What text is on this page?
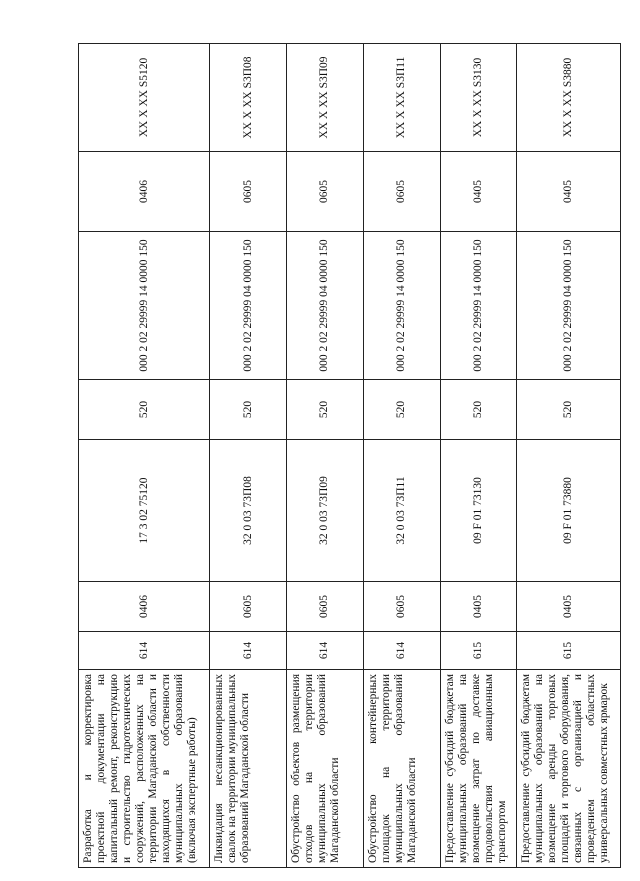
Разработка и корректировка проектной документации на капитальный ремонт, реконструкцию и строительство гидротехнических сооружений, расположенных на территории Магаданской области и находящихся в собственности муниципальных образований (включая экспертные работы)	614	0406	17 3 02 75120	520	000 2 02 29999 14 0000 150	0406	XX X XX S5120
Ликвидация несанкционированных свалок на территории муниципальных образований Магаданской области	614	0605	32 0 03 73П08	520	000 2 02 29999 04 0000 150	0605	XX X XX S3П08
Обустройство объектов размещения отходов на территории муниципальных образований Магаданской области	614	0605	32 0 03 73П09	520	000 2 02 29999 04 0000 150	0605	XX X XX S3П09
Обустройство контейнерных площадок на территории муниципальных образований Магаданской области	614	0605	32 0 03 73П11	520	000 2 02 29999 14 0000 150	0605	XX X XX S3П11
Предоставление субсидий бюджетам муниципальных образований на возмещение затрат по доставке продовольствия авиационным транспортом	615	0405	09 F 01 73130	520	000 2 02 29999 14 0000 150	0405	XX X XX S3130
Предоставление субсидий бюджетам муниципальных образований на возмещение аренды торговых площадей и торгового оборудования, связанных с организацией и проведением областных универсальных совместных ярмарок	615	0405	09 F 01 73880	520	000 2 02 29999 04 0000 150	0405	XX X XX S3880
